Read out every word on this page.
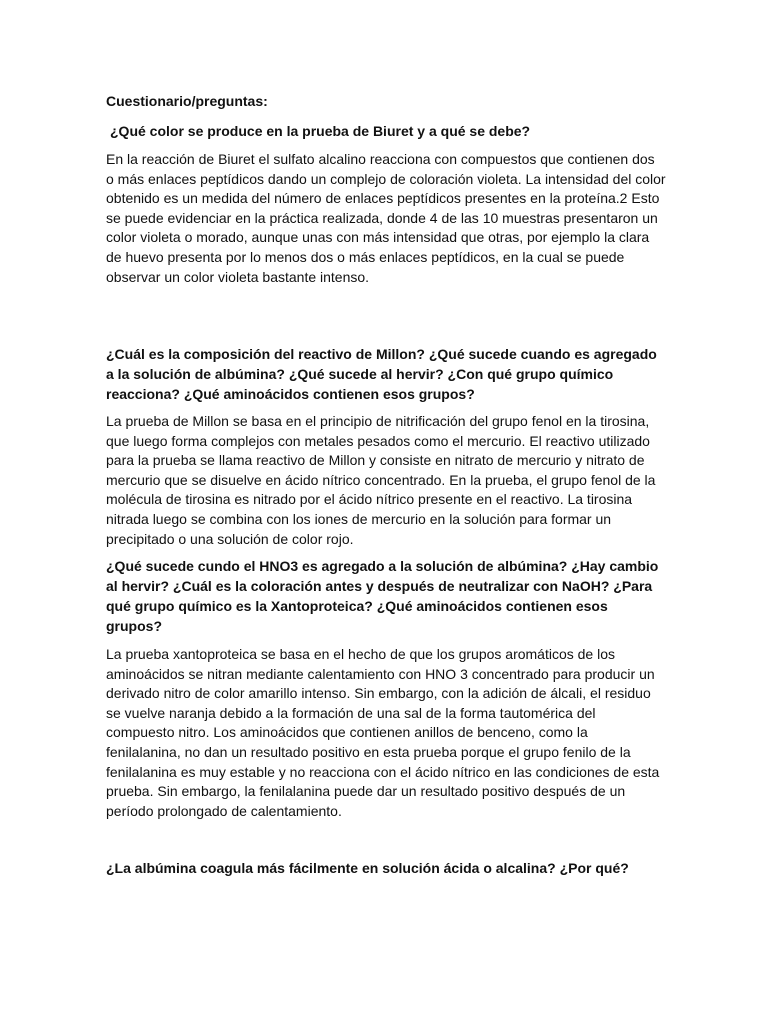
Cuestionario/preguntas:

¿Qué color se produce en la prueba de Biuret y a qué se debe?

En la reacción de Biuret el sulfato alcalino reacciona con compuestos que contienen dos o más enlaces peptídicos dando un complejo de coloración violeta. La intensidad del color obtenido es un medida del número de enlaces peptídicos presentes en la proteína.2 Esto se puede evidenciar en la práctica realizada, donde 4 de las 10 muestras presentaron un color violeta o morado, aunque unas con más intensidad que otras, por ejemplo la clara de huevo presenta por lo menos dos o más enlaces peptídicos, en la cual se puede observar un color violeta bastante intenso.

¿Cuál es la composición del reactivo de Millon? ¿Qué sucede cuando es agregado a la solución de albúmina? ¿Qué sucede al hervir? ¿Con qué grupo químico reacciona? ¿Qué aminoácidos contienen esos grupos?

La prueba de Millon se basa en el principio de nitrificación del grupo fenol en la tirosina, que luego forma complejos con metales pesados como el mercurio. El reactivo utilizado para la prueba se llama reactivo de Millon y consiste en nitrato de mercurio y nitrato de mercurio que se disuelve en ácido nítrico concentrado. En la prueba, el grupo fenol de la molécula de tirosina es nitrado por el ácido nítrico presente en el reactivo. La tirosina nitrada luego se combina con los iones de mercurio en la solución para formar un precipitado o una solución de color rojo.

¿Qué sucede cundo el HNO3 es agregado a la solución de albúmina? ¿Hay cambio al hervir? ¿Cuál es la coloración antes y después de neutralizar con NaOH? ¿Para qué grupo químico es la Xantoproteica? ¿Qué aminoácidos contienen esos grupos?

La prueba xantoproteica se basa en el hecho de que los grupos aromáticos de los aminoácidos se nitran mediante calentamiento con HNO 3 concentrado para producir un derivado nitro de color amarillo intenso. Sin embargo, con la adición de álcali, el residuo se vuelve naranja debido a la formación de una sal de la forma tautomérica del compuesto nitro. Los aminoácidos que contienen anillos de benceno, como la fenilalanina, no dan un resultado positivo en esta prueba porque el grupo fenilo de la fenilalanina es muy estable y no reacciona con el ácido nítrico en las condiciones de esta prueba. Sin embargo, la fenilalanina puede dar un resultado positivo después de un período prolongado de calentamiento.

¿La albúmina coagula más fácilmente en solución ácida o alcalina? ¿Por qué?
